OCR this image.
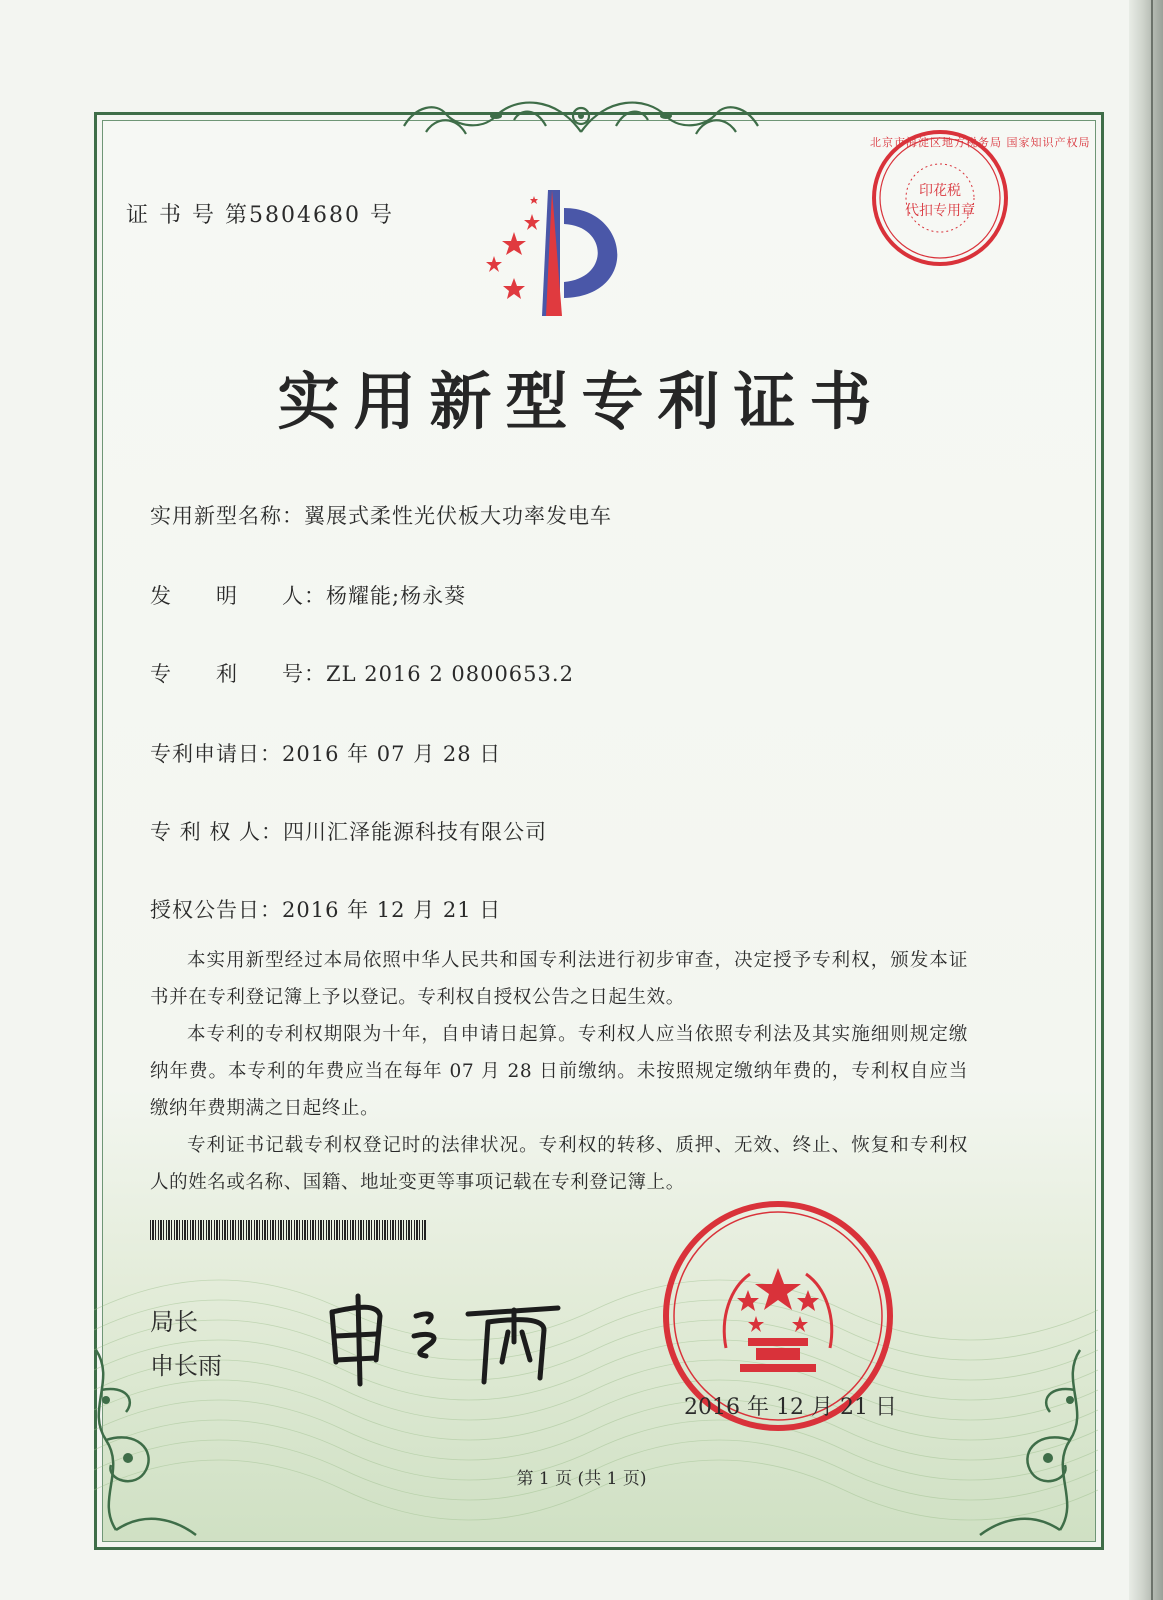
证 书 号 第5804680 号
北京市海淀区地方税务局 国家知识产权局
印花税
代扣专用章
实用新型专利证书
实用新型名称：翼展式柔性光伏板大功率发电车
发　　明　　人：杨耀能;杨永葵
专　　利　　号：ZL 2016 2 0800653.2
专利申请日：2016 年 07 月 28 日
专 利 权 人：四川汇泽能源科技有限公司
授权公告日：2016 年 12 月 21 日

本实用新型经过本局依照中华人民共和国专利法进行初步审查，决定授予专利权，颁发本证书并在专利登记簿上予以登记。专利权自授权公告之日起生效。

本专利的专利权期限为十年，自申请日起算。专利权人应当依照专利法及其实施细则规定缴纳年费。本专利的年费应当在每年 07 月 28 日前缴纳。未按照规定缴纳年费的，专利权自应当缴纳年费期满之日起终止。

专利证书记载专利权登记时的法律状况。专利权的转移、质押、无效、终止、恢复和专利权人的姓名或名称、国籍、地址变更等事项记载在专利登记簿上。

局长
申长雨
2016 年 12 月 21 日
第 1 页 (共 1 页)
